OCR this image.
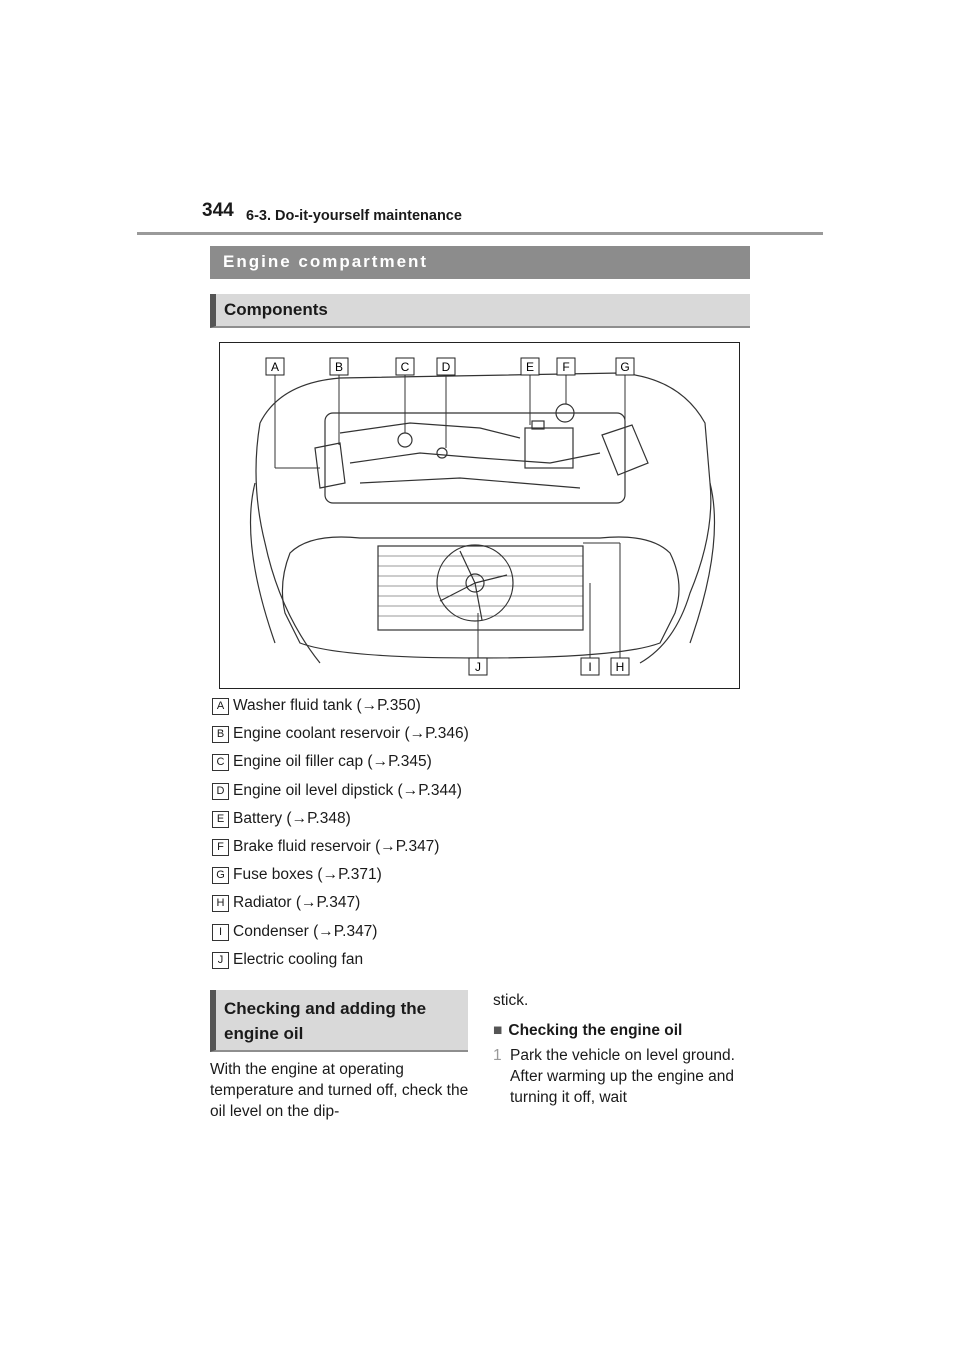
344 6-3. Do-it-yourself maintenance
Engine compartment
Components
A	B	C	D	E F	G
J	I H
A Washer fluid tank (→P.350)
B Engine coolant reservoir (→P.346)
C Engine oil filler cap (→P.345)
D Engine oil level dipstick (→P.344)
E Battery (→P.348)
F Brake fluid reservoir (→P.347)
G Fuse boxes (→P.371)
H Radiator (→P.347)
I Condenser (→P.347)
J Electric cooling fan
Checking and adding the
engine oil
With the engine at operating temperature and turned off, check the oil level on the dip-
stick.
■ Checking the engine oil
1 Park the vehicle on level ground. After warming up the engine and turning it off, wait
